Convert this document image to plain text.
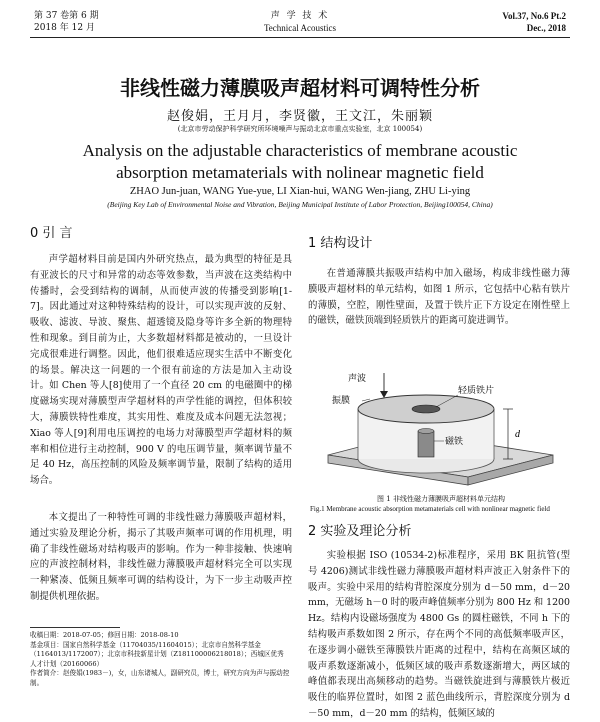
第 37 卷第 6 期
2018 年 12 月
声 学 技 术
Technical Acoustics
Vol.37, No.6 Pt.2
Dec., 2018
非线性磁力薄膜吸声超材料可调特性分析
赵俊娟，王月月，李贤徽，王文江，朱丽颖
(北京市劳动保护科学研究所环境噪声与振动北京市重点实验室，北京 100054)
Analysis on the adjustable characteristics of membrane acoustic
absorption metamaterials with nolinear magnetic field
ZHAO Jun-juan, WANG Yue-yue, LI Xian-hui, WANG Wen-jiang, ZHU Li-ying
(Beijing Key Lab of Environmental Noise and Vibration, Beijing Municipal Institute of Labor Protection, Beijing100054, China)
0 引 言

声学超材料目前是国内外研究热点，最为典型的特征是具有亚波长的尺寸和异常的动态等效参数，当声波在这类结构中传播时，会受到结构的调制，从而使声波的传播受到影响[1-7]。因此通过对这种特殊结构的设计，可以实现声波的反射、吸收、滤波、导波、聚焦、超透镜及隐身等许多全新的物理特性和现象。到目前为止，大多数超材料都是被动的，一旦设计完成很难进行调整。因此，他们很难适应现实生活中不断变化的场景。解决这一问题的一个很有前途的方法是加入主动设计。如 Chen 等人[8]使用了一个直径 20 cm 的电磁圈中的梯度磁场实现对薄膜型声学超材料的声学性能的调控，但体积较大，薄膜铁特性难度，其实用性、难度及成本问题无法忽视；Xiao 等人[9]利用电压调控的电场力对薄膜型声学超材料的频率和相位进行主动控制，900 V 的电压调节量，频率调节量不足 40 Hz，高压控制的风险及频率调节量，限制了结构的适用场合。

本文提出了一种特性可调的非线性磁力薄膜吸声超材料，通过实验及理论分析，揭示了其吸声频率可调的作用机理，明确了非线性磁场对结构吸声的影响。作为一种非接触、快速响应的声波控制材料，非线性磁力薄膜吸声超材料完全可以实现一种紧凑、低频且频率可调的结构设计，为下一步主动吸声控制提供机理依据。

收稿日期：2018-07-05；修回日期：2018-08-10
基金项目：国家自然科学基金（11704035/11604015）；北京市自然科学基金（1164013/1172007）；北京市科技新星计划（Z181100006218018）；西城区优秀人才计划（20160066）
作者简介：赵俊娟(1983－)，女，山东诸城人，副研究员，博士，研究方向为声与振动控制。

1 结构设计

在普通薄膜共振吸声结构中加入磁场，构成非线性磁力薄膜吸声超材料的单元结构，如图 1 所示，它包括中心粘有铁片的薄膜，空腔，刚性壁面，及置于铁片正下方设定在刚性壁上的磁铁，磁铁顶端到轻质铁片的距离可旋进调节。

声波
轻质铁片
振膜
磁铁
d
图 1 非线性磁力薄膜吸声超材料单元结构
Fig.1 Membrane acoustic absorption metamaterials cell with nonlinear magnetic field
2 实验及理论分析

实验根据 ISO (10534-2)标准程序，采用 BK 阻抗管(型号 4206)测试非线性磁力薄膜吸声超材料声波正入射条件下的吸声。实验中采用的结构背腔深度分别为 d－50 mm，d－20 mm，无磁场 h－0 时的吸声峰值频率分别为 800 Hz 和 1200 Hz。结构内设磁场强度为 4800 Gs 的圆柱磁铁，不同 h 下的结构吸声系数如图 2 所示，存在两个不同的高低频率吸声区，在逐步调小磁铁至薄膜铁片距离的过程中，结构在高频区域的吸声系数逐渐减小，低频区域的吸声系数逐渐增大，两区域的峰值都表现出高频移动的趋势。当磁铁旋进到与薄膜铁片极近吸住的临界位置时，如图 2 蓝色曲线所示，背腔深度分别为 d－50 mm，d－20 mm 的结构，低频区域的
